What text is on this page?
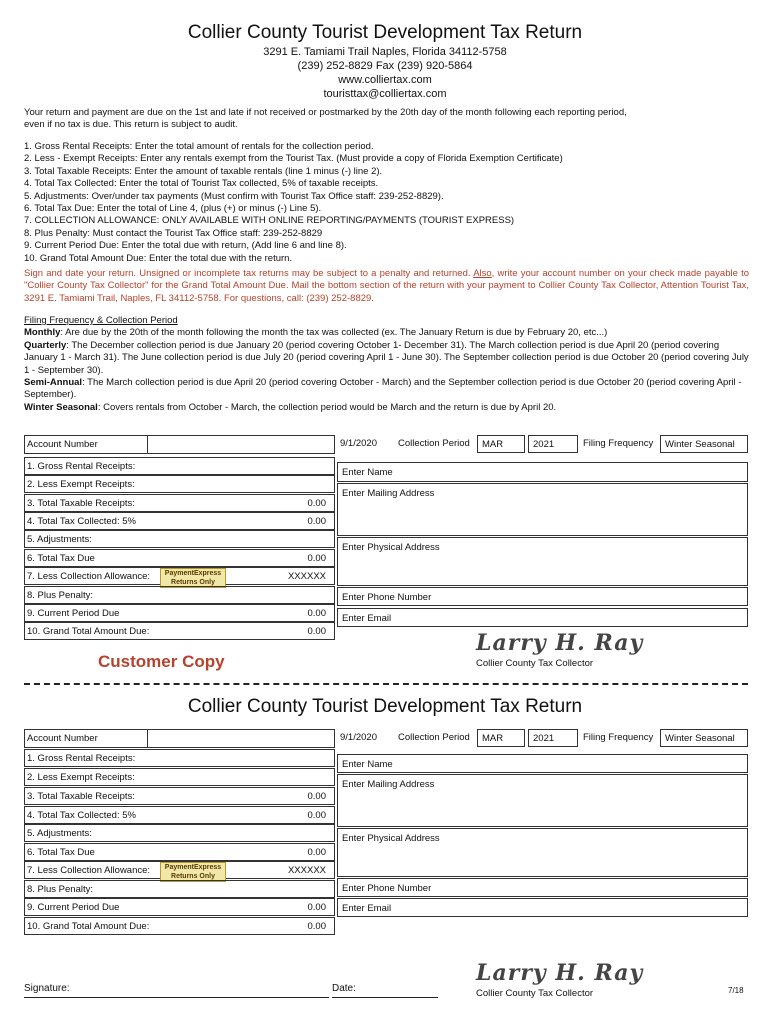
Collier County Tourist Development Tax Return
3291 E. Tamiami Trail Naples, Florida 34112-5758
(239) 252-8829 Fax (239) 920-5864
www.colliertax.com
touristtax@colliertax.com
Your return and payment are due on the 1st and late if not received or postmarked by the 20th day of the month following each reporting period,
even if no tax is due. This return is subject to audit.
1. Gross Rental Receipts: Enter the total amount of rentals for the collection period.
2. Less - Exempt Receipts: Enter any rentals exempt from the Tourist Tax. (Must provide a copy of Florida Exemption Certificate)
3. Total Taxable Receipts: Enter the amount of taxable rentals (line 1 minus (-) line 2).
4. Total Tax Collected: Enter the total of Tourist Tax collected, 5% of taxable receipts.
5. Adjustments: Over/under tax payments (Must confirm with Tourist Tax Office staff: 239-252-8829).
6. Total Tax Due: Enter the total of Line 4, (plus (+) or minus (-) Line 5).
7. COLLECTION ALLOWANCE: ONLY AVAILABLE WITH ONLINE REPORTING/PAYMENTS (TOURIST EXPRESS)
8. Plus Penalty: Must contact the Tourist Tax Office staff: 239-252-8829
9. Current Period Due: Enter the total due with return, (Add line 6 and line 8).
10. Grand Total Amount Due: Enter the total due with the return.
Sign and date your return. Unsigned or incomplete tax returns may be subject to a penalty and returned. Also, write your account number on your check made payable to "Collier County Tax Collector" for the Grand Total Amount Due. Mail the bottom section of the return with your payment to Collier County Tax Collector, Attention Tourist Tax, 3291 E. Tamiami Trail, Naples, FL 34112-5758. For questions, call: (239) 252-8829.
Filing Frequency & Collection Period
Monthly: Are due by the 20th of the month following the month the tax was collected (ex. The January Return is due by February 20, etc...)
Quarterly: The December collection period is due January 20 (period covering October 1- December 31). The March collection period is due April 20 (period covering January 1 - March 31). The June collection period is due July 20 (period covering April 1 - June 30). The September collection period is due October 20 (period covering July 1 - September 30).
Semi-Annual: The March collection period is due April 20 (period covering October - March) and the September collection period is due October 20 (period covering April - September).
Winter Seasonal: Covers rentals from October - March, the collection period would be March and the return is due by April 20.
Account Number	9/1/2020 Collection Period	MAR	2021	Filing Frequency	Winter Seasonal
1. Gross Rental Receipts:
2. Less Exempt Receipts:
3. Total Taxable Receipts:	0.00
4. Total Tax Collected: 5%	0.00
5. Adjustments:
6. Total Tax Due	0.00
7. Less Collection Allowance:	XXXXXX
PaymentExpress
Returns Only
8. Plus Penalty:
9. Current Period Due	0.00
10. Grand Total Amount Due:	0.00
Enter Name
Enter Mailing Address
Enter Physical Address
Enter Phone Number
Enter Email
Larry H. Ray
Collier County Tax Collector
Customer Copy
Collier County Tourist Development Tax Return
Account Number	9/1/2020 Collection Period	MAR	2021	Filing Frequency	Winter Seasonal
1. Gross Rental Receipts:
2. Less Exempt Receipts:
3. Total Taxable Receipts:	0.00
4. Total Tax Collected: 5%	0.00
5. Adjustments:
6. Total Tax Due	0.00
7. Less Collection Allowance:	XXXXXX
PaymentExpress
Returns Only
8. Plus Penalty:
9. Current Period Due	0.00
10. Grand Total Amount Due:	0.00
Enter Name
Enter Mailing Address
Enter Physical Address
Enter Phone Number
Enter Email
Larry H. Ray
Collier County Tax Collector
Signature:	Date:	7/18
